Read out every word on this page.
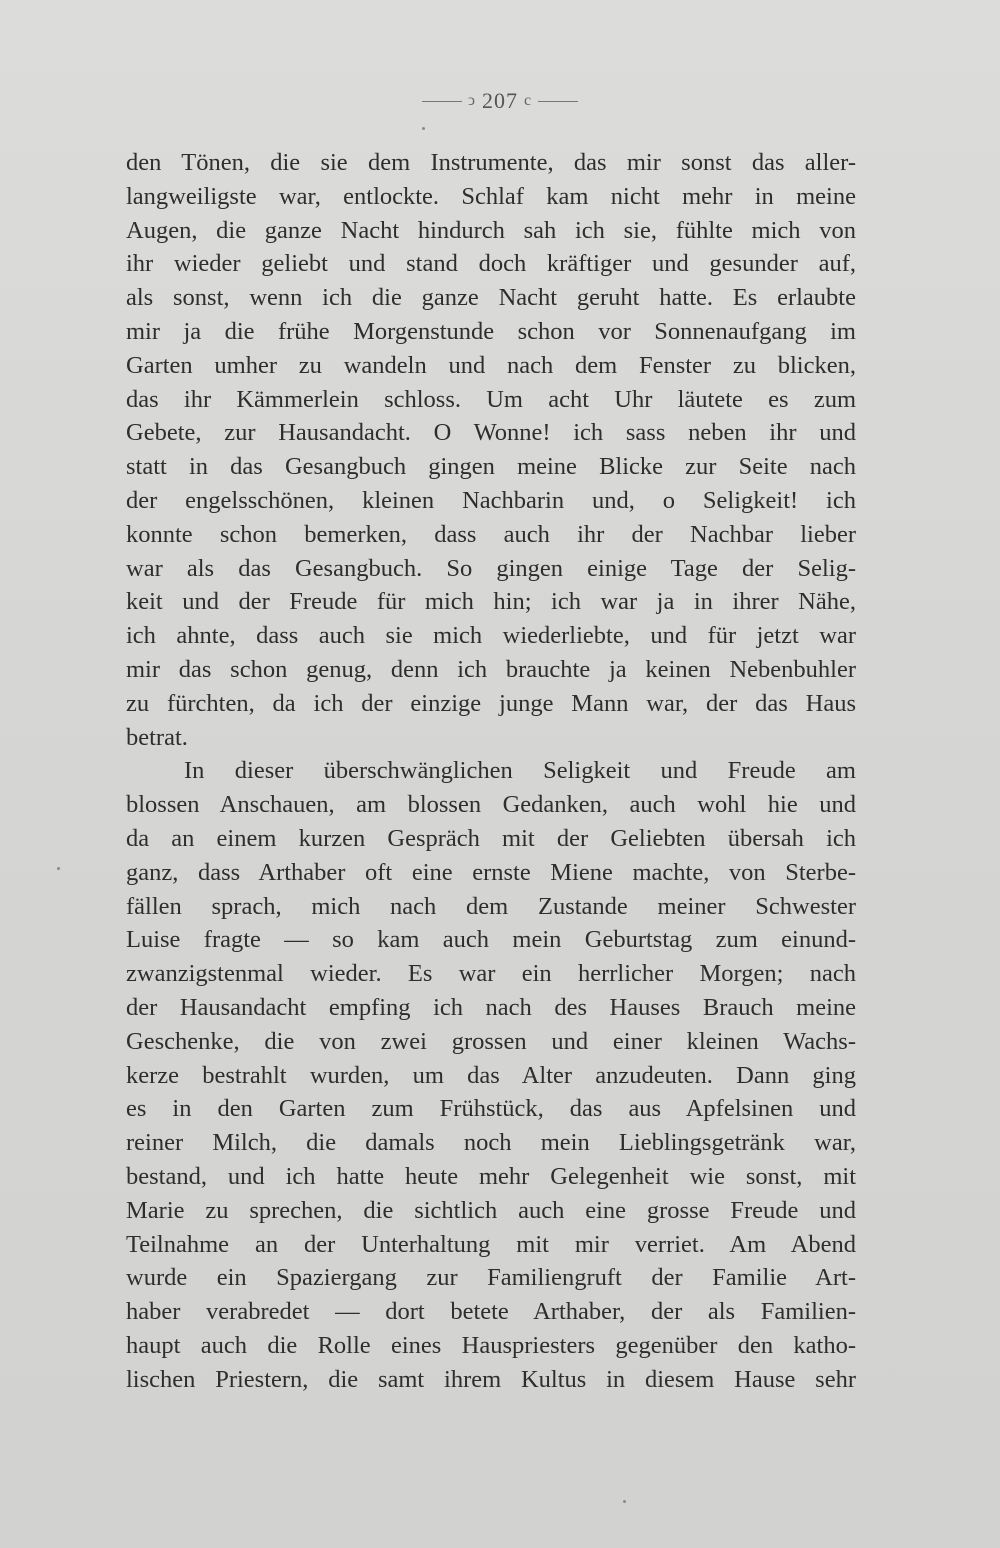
ↄ 207 c
den Tönen, die sie dem Instrumente, das mir sonst das aller-
langweiligste war, entlockte. Schlaf kam nicht mehr in meine
Augen, die ganze Nacht hindurch sah ich sie, fühlte mich von
ihr wieder geliebt und stand doch kräftiger und gesunder auf,
als sonst, wenn ich die ganze Nacht geruht hatte. Es erlaubte
mir ja die frühe Morgenstunde schon vor Sonnenaufgang im
Garten umher zu wandeln und nach dem Fenster zu blicken,
das ihr Kämmerlein schloss. Um acht Uhr läutete es zum
Gebete, zur Hausandacht. O Wonne! ich sass neben ihr und
statt in das Gesangbuch gingen meine Blicke zur Seite nach
der engelsschönen, kleinen Nachbarin und, o Seligkeit! ich
konnte schon bemerken, dass auch ihr der Nachbar lieber
war als das Gesangbuch. So gingen einige Tage der Selig-
keit und der Freude für mich hin; ich war ja in ihrer Nähe,
ich ahnte, dass auch sie mich wiederliebte, und für jetzt war
mir das schon genug, denn ich brauchte ja keinen Nebenbuhler
zu fürchten, da ich der einzige junge Mann war, der das Haus
betrat.
In dieser überschwänglichen Seligkeit und Freude am
blossen Anschauen, am blossen Gedanken, auch wohl hie und
da an einem kurzen Gespräch mit der Geliebten übersah ich
ganz, dass Arthaber oft eine ernste Miene machte, von Sterbe-
fällen sprach, mich nach dem Zustande meiner Schwester
Luise fragte — so kam auch mein Geburtstag zum einund-
zwanzigstenmal wieder. Es war ein herrlicher Morgen; nach
der Hausandacht empfing ich nach des Hauses Brauch meine
Geschenke, die von zwei grossen und einer kleinen Wachs-
kerze bestrahlt wurden, um das Alter anzudeuten. Dann ging
es in den Garten zum Frühstück, das aus Apfelsinen und
reiner Milch, die damals noch mein Lieblingsgetränk war,
bestand, und ich hatte heute mehr Gelegenheit wie sonst, mit
Marie zu sprechen, die sichtlich auch eine grosse Freude und
Teilnahme an der Unterhaltung mit mir verriet. Am Abend
wurde ein Spaziergang zur Familiengruft der Familie Art-
haber verabredet — dort betete Arthaber, der als Familien-
haupt auch die Rolle eines Hauspriesters gegenüber den katho-
lischen Priestern, die samt ihrem Kultus in diesem Hause sehr
